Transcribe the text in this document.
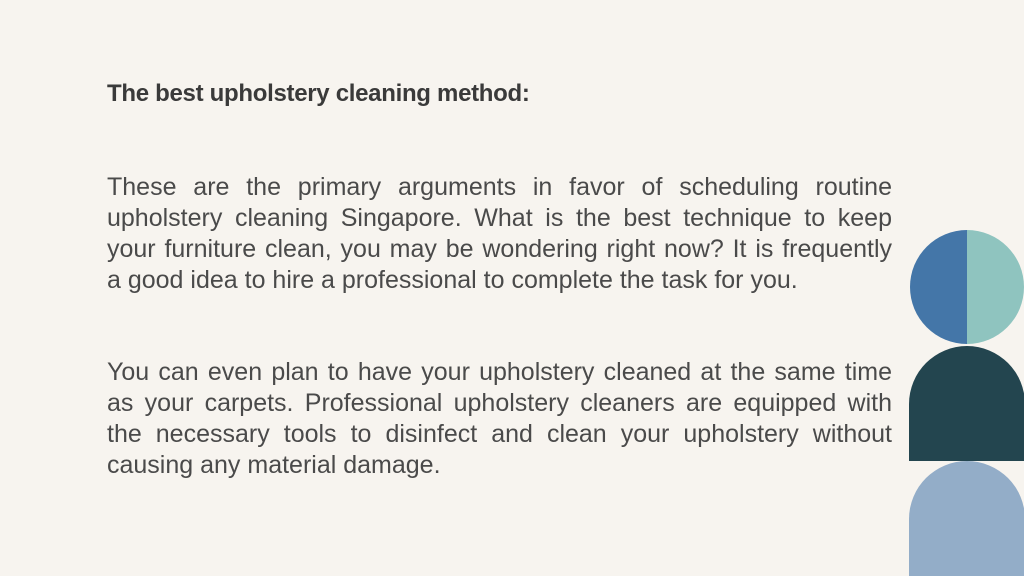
The best upholstery cleaning method:

These are the primary arguments in favor of scheduling routine upholstery cleaning Singapore. What is the best technique to keep your furniture clean, you may be wondering right now? It is frequently a good idea to hire a professional to complete the task for you.

You can even plan to have your upholstery cleaned at the same time as your carpets. Professional upholstery cleaners are equipped with the necessary tools to disinfect and clean your upholstery without causing any material damage.
